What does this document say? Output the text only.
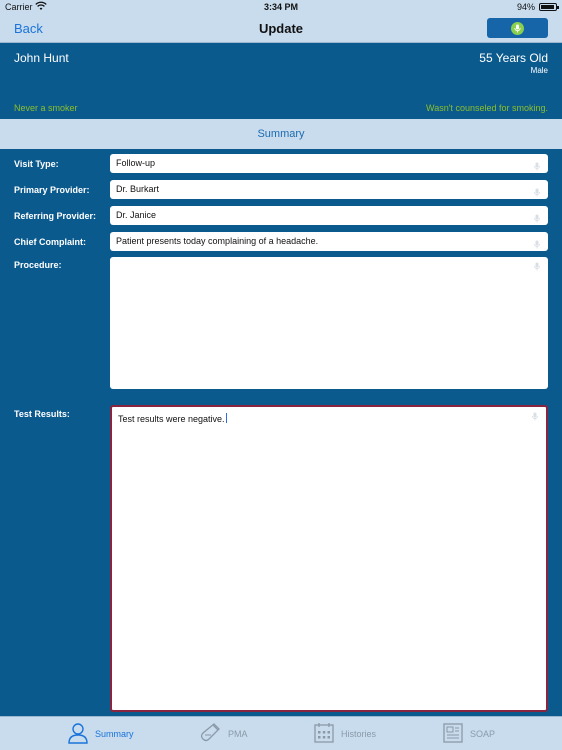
Carrier	3:34 PM	94%
Back	Update
John Hunt	55 Years Old
Male
Never a smoker	Wasn't counseled for smoking.
Summary
Visit Type:	Follow-up
Primary Provider:	Dr. Burkart
Referring Provider:	Dr. Janice
Chief Complaint:	Patient presents today complaining of a headache.
Procedure:
Test Results:	Test results were negative.
Summary	PMA	Histories	SOAP
